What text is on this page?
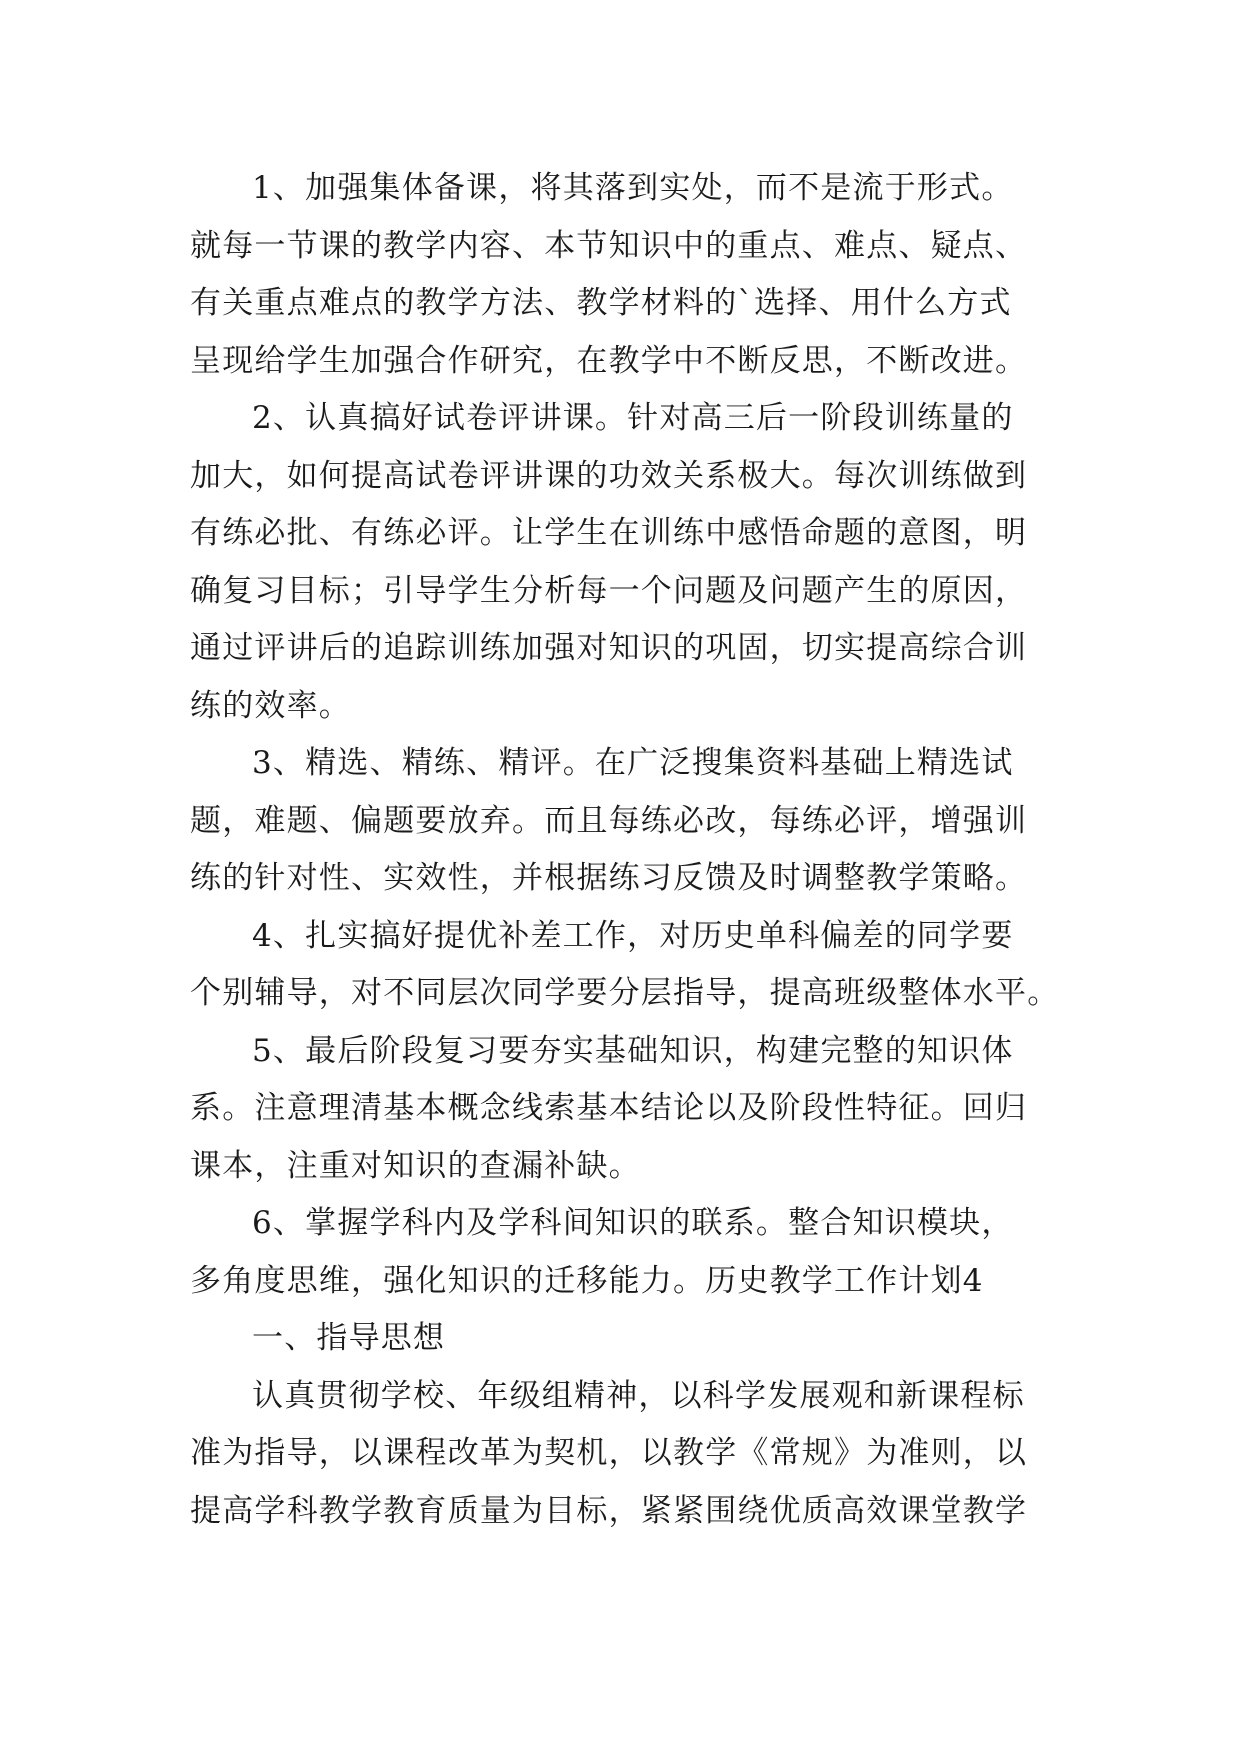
1、加强集体备课，将其落到实处，而不是流于形式。
就每一节课的教学内容、本节知识中的重点、难点、疑点、
有关重点难点的教学方法、教学材料的`选择、用什么方式
呈现给学生加强合作研究，在教学中不断反思，不断改进。
2、认真搞好试卷评讲课。针对高三后一阶段训练量的
加大，如何提高试卷评讲课的功效关系极大。每次训练做到
有练必批、有练必评。让学生在训练中感悟命题的意图，明
确复习目标；引导学生分析每一个问题及问题产生的原因，
通过评讲后的追踪训练加强对知识的巩固，切实提高综合训
练的效率。
3、精选、精练、精评。在广泛搜集资料基础上精选试
题，难题、偏题要放弃。而且每练必改，每练必评，增强训
练的针对性、实效性，并根据练习反馈及时调整教学策略。
4、扎实搞好提优补差工作，对历史单科偏差的同学要
个别辅导，对不同层次同学要分层指导，提高班级整体水平。
5、最后阶段复习要夯实基础知识，构建完整的知识体
系。注意理清基本概念线索基本结论以及阶段性特征。回归
课本，注重对知识的查漏补缺。
6、掌握学科内及学科间知识的联系。整合知识模块，
多角度思维，强化知识的迁移能力。历史教学工作计划4
一、指导思想
认真贯彻学校、年级组精神，以科学发展观和新课程标
准为指导，以课程改革为契机，以教学《常规》为准则，以
提高学科教学教育质量为目标，紧紧围绕优质高效课堂教学
